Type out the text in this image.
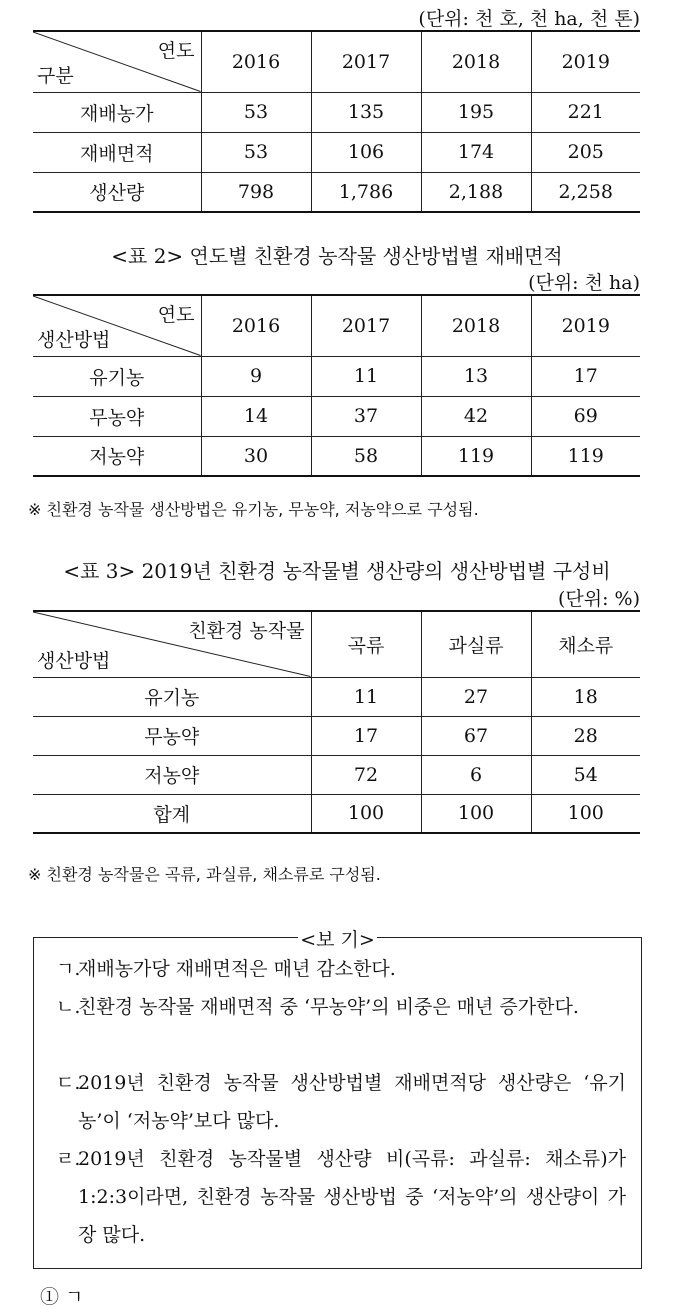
(단위: 천 호, 천 ha, 천 톤)
연도
구분	2016	2017	2018	2019
재배농가	53	135	195	221
재배면적	53	106	174	205
생산량	798	1,786	2,188	2,258
<표 2> 연도별 친환경 농작물 생산방법별 재배면적
(단위: 천 ha)
연도
생산방법	2016	2017	2018	2019
유기농	9	11	13	17
무농약	14	37	42	69
저농약	30	58	119	119
※ 친환경 농작물 생산방법은 유기농, 무농약, 저농약으로 구성됨.
<표 3> 2019년 친환경 농작물별 생산량의 생산방법별 구성비
(단위: %)
친환경 농작물
생산방법	곡류	과실류	채소류
유기농	11	27	18
무농약	17	67	28
저농약	72	6	54
합계	100	100	100
※ 친환경 농작물은 곡류, 과실류, 채소류로 구성됨.
<보 기>
ㄱ.
재배농가당 재배면적은 매년 감소한다.
ㄴ.
친환경 농작물 재배면적 중 ‘무농약’의 비중은 매년 증가한다.
ㄷ.
2019년 친환경 농작물 생산방법별 재배면적당 생산량은 ‘유기농’이 ‘저농약’보다 많다.
ㄹ.
2019년 친환경 농작물별 생산량 비(곡류: 과실류: 채소류)가 1:2:3이라면, 친환경 농작물 생산방법 중 ‘저농약’의 생산량이 가장 많다.
① ㄱ
